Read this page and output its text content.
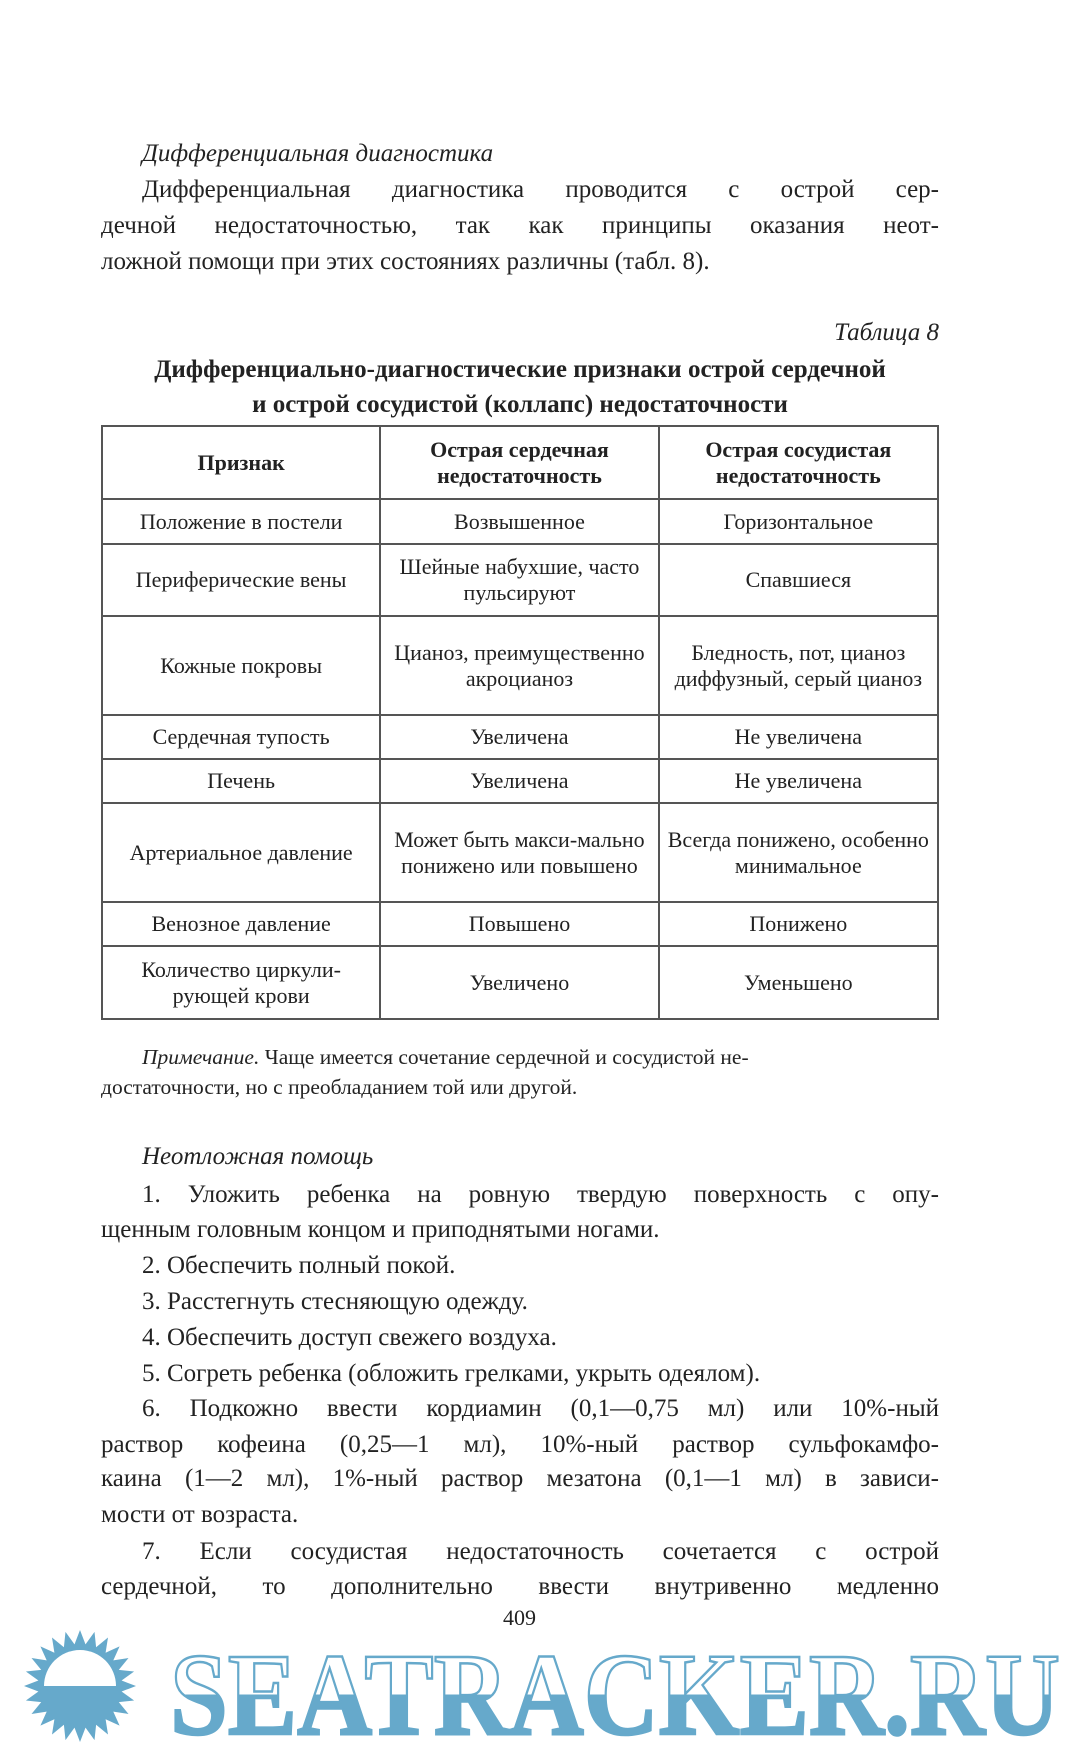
Дифференциальная диагностика
Дифференциальная диагностика проводится с острой сер-
дечной недостаточностью, так как принципы оказания неот-
ложной помощи при этих состояниях различны (табл. 8).
Таблица 8
Дифференциально-диагностические признаки острой сердечной
и острой сосудистой (коллапс) недостаточности
Признак	Острая сердечная недостаточность	Острая сосудистая недостаточность
Положение в постели	Возвышенное	Горизонтальное
Периферические вены	Шейные набухшие, часто пульсируют	Спавшиеся
Кожные покровы	Цианоз, преимущественно акроцианоз	Бледность, пот, цианоз диффузный, серый цианоз
Сердечная тупость	Увеличена	Не увеличена
Печень	Увеличена	Не увеличена
Артериальное давление	Может быть макси-мально понижено или повышено	Всегда понижено, особенно минимальное
Венозное давление	Повышено	Понижено
Количество циркули-рующей крови	Увеличено	Уменьшено
Примечание. Чаще имеется сочетание сердечной и сосудистой не-
достаточности, но с преобладанием той или другой.
Неотложная помощь
1. Уложить ребенка на ровную твердую поверхность с опу-
щенным головным концом и приподнятыми ногами.
2. Обеспечить полный покой.
3. Расстегнуть стесняющую одежду.
4. Обеспечить доступ свежего воздуха.
5. Согреть ребенка (обложить грелками, укрыть одеялом).
6. Подкожно ввести кордиамин (0,1—0,75 мл) или 10%-ный
раствор кофеина (0,25—1 мл), 10%-ный раствор сульфокамфо-
каина (1—2 мл), 1%-ный раствор мезатона (0,1—1 мл) в зависи-
мости от возраста.
7. Если сосудистая недостаточность сочетается с острой
сердечной, то дополнительно ввести внутривенно медленно
409
SEATRACKER.RU
